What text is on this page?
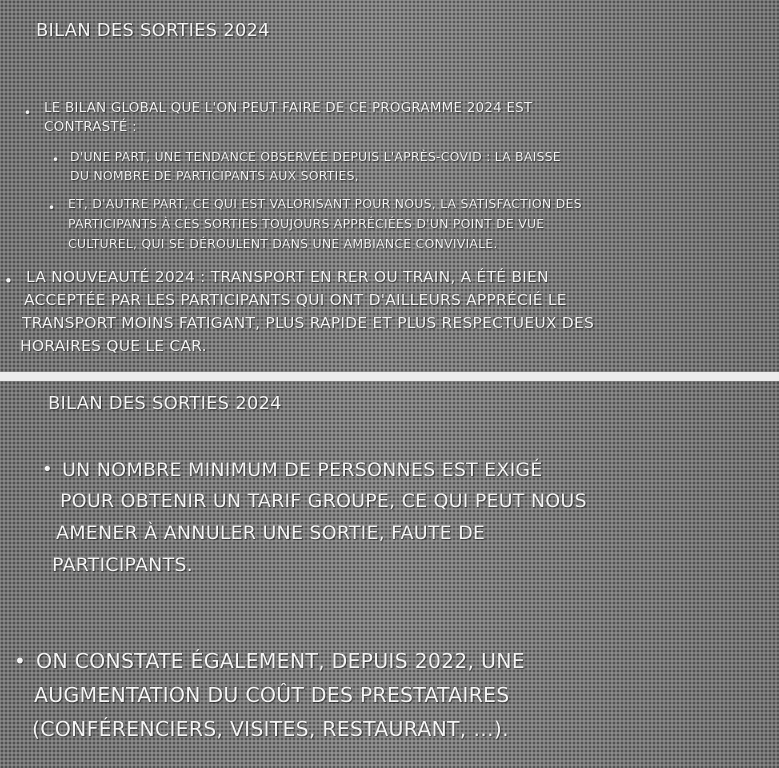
BILAN DES SORTIES 2024
• LE BILAN GLOBAL QUE L'ON PEUT FAIRE DE CE PROGRAMME 2024 EST

CONTRASTÉ :

• D'UNE PART, UNE TENDANCE OBSERVÉE DEPUIS L'APRÈS-COVID : LA BAISSE

DU NOMBRE DE PARTICIPANTS AUX SORTIES,

• ET, D'AUTRE PART, CE QUI EST VALORISANT POUR NOUS, LA SATISFACTION DES

PARTICIPANTS À CES SORTIES TOUJOURS APPRÉCIÉES D'UN POINT DE VUE

CULTUREL, QUI SE DÉROULENT DANS UNE AMBIANCE CONVIVIALE.

• LA NOUVEAUTÉ 2024 : TRANSPORT EN RER OU TRAIN, A ÉTÉ BIEN

ACCEPTÉE PAR LES PARTICIPANTS QUI ONT D'AILLEURS APPRÉCIÉ LE

TRANSPORT MOINS FATIGANT, PLUS RAPIDE ET PLUS RESPECTUEUX DES

HORAIRES QUE LE CAR.

BILAN DES SORTIES 2024
• UN NOMBRE MINIMUM DE PERSONNES EST EXIGÉ

POUR OBTENIR UN TARIF GROUPE, CE QUI PEUT NOUS

AMENER À ANNULER UNE SORTIE, FAUTE DE

PARTICIPANTS.

• ON CONSTATE ÉGALEMENT, DEPUIS 2022, UNE

AUGMENTATION DU COÛT DES PRESTATAIRES

(CONFÉRENCIERS, VISITES, RESTAURANT, …).
